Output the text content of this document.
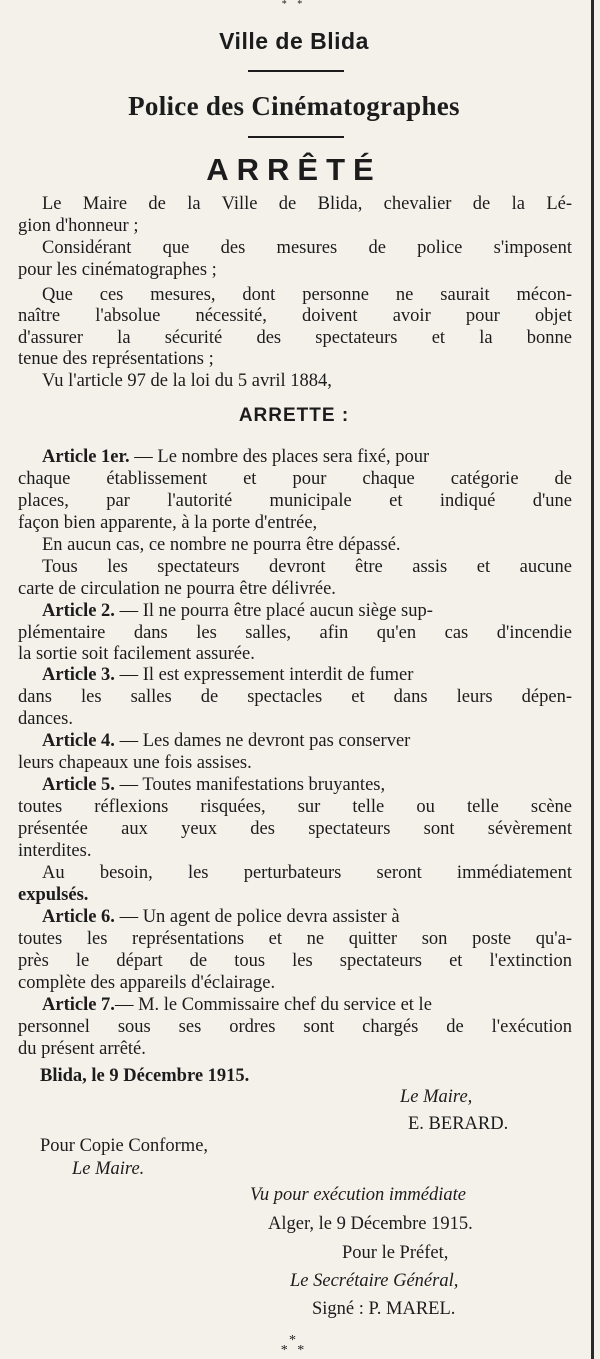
* *
Ville de Blida
Police des Cinématographes
ARRÊTÉ
Le Maire de la Ville de Blida, chevalier de la Lé-
gion d'honneur ;
Considérant que des mesures de police s'imposent
pour les cinématographes ;
Que ces mesures, dont personne ne saurait mécon-
naître l'absolue nécessité, doivent avoir pour objet
d'assurer la sécurité des spectateurs et la bonne
tenue des représentations ;
Vu l'article 97 de la loi du 5 avril 1884,
ARRETTE :
Article 1er. — Le nombre des places sera fixé, pour
chaque établissement et pour chaque catégorie de
places, par l'autorité municipale et indiqué d'une
façon bien apparente, à la porte d'entrée,
En aucun cas, ce nombre ne pourra être dépassé.
Tous les spectateurs devront être assis et aucune
carte de circulation ne pourra être délivrée.
Article 2. — Il ne pourra être placé aucun siège sup-
plémentaire dans les salles, afin qu'en cas d'incendie
la sortie soit facilement assurée.
Article 3. — Il est expressement interdit de fumer
dans les salles de spectacles et dans leurs dépen-
dances.
Article 4. — Les dames ne devront pas conserver
leurs chapeaux une fois assises.
Article 5. — Toutes manifestations bruyantes,
toutes réflexions risquées, sur telle ou telle scène
présentée aux yeux des spectateurs sont sévèrement
interdites.
Au besoin, les perturbateurs seront immédiatement
expulsés.
Article 6. — Un agent de police devra assister à
toutes les représentations et ne quitter son poste qu'a-
près le départ de tous les spectateurs et l'extinction
complète des appareils d'éclairage.
Article 7.— M. le Commissaire chef du service et le
personnel sous ses ordres sont chargés de l'exécution
du présent arrêté.
Blida, le 9 Décembre 1915.
Le Maire,
E. BERARD.
Pour Copie Conforme,
Le Maire.
Vu pour exécution immédiate
Alger, le 9 Décembre 1915.
Pour le Préfet,
Le Secrétaire Général,
Signé : P. MAREL.
*
* *
